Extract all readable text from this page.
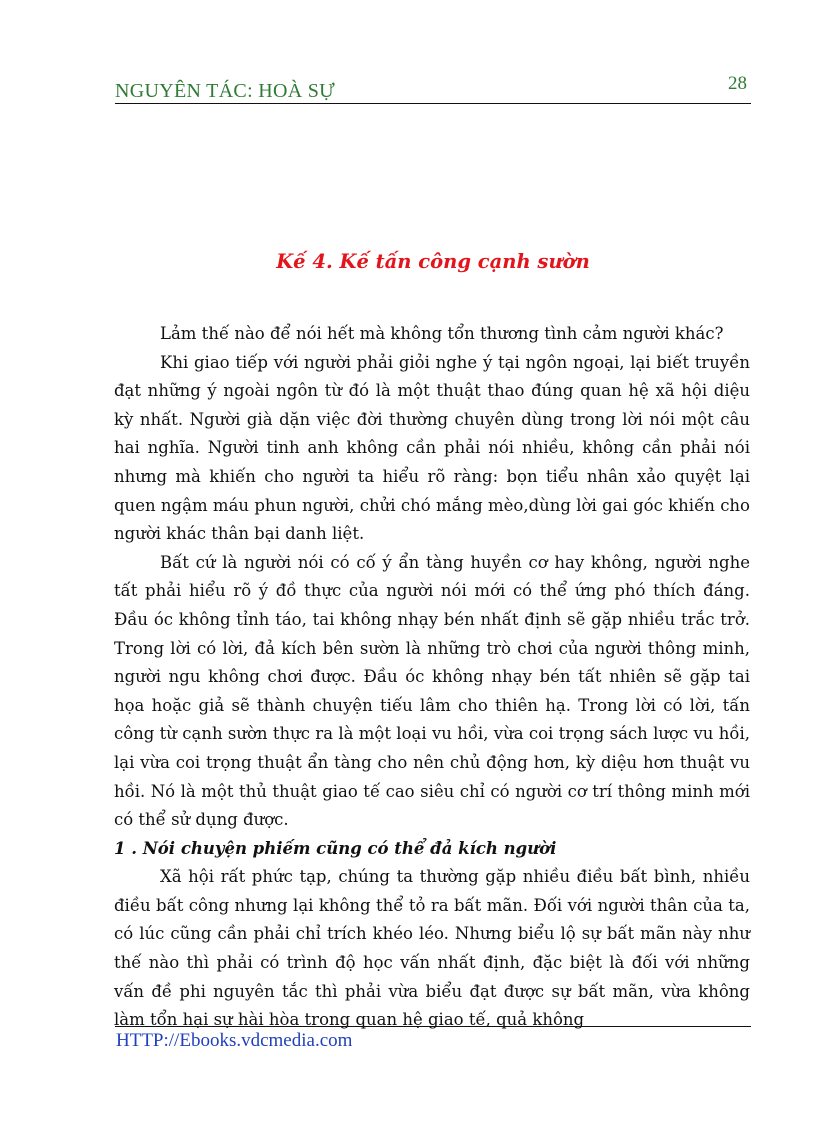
NGUYÊN TÁC: HOÀ SỰ	28
Kế 4. Kế tấn công cạnh sườn

Lảm thế nào để nói hết mà không tổn thương tình cảm người khác?

Khi giao tiếp với người phải giỏi nghe ý tại ngôn ngoại, lại biết truyền đạt những ý ngoài ngôn từ đó là một thuật thao đúng quan hệ xã hội diệu kỳ nhất. Người già dặn việc đời thường chuyên dùng trong lời nói một câu hai nghĩa. Người tinh anh không cần phải nói nhiều, không cần phải nói nhưng mà khiến cho người ta hiểu rõ ràng: bọn tiểu nhân xảo quyệt lại quen ngậm máu phun người, chửi chó mắng mèo,dùng lời gai góc khiến cho người khác thân bại danh liệt.

Bất cứ là người nói có cố ý ẩn tàng huyền cơ hay không, người nghe tất phải hiểu rõ ý đồ thực của người nói mới có thể ứng phó thích đáng. Đầu óc không tỉnh táo, tai không nhạy bén nhất định sẽ gặp nhiều trắc trở. Trong lời có lời, đả kích bên sườn là những trò chơi của người thông minh, người ngu không chơi được. Đầu óc không nhạy bén tất nhiên sẽ gặp tai họa hoặc giả sẽ thành chuyện tiếu lâm cho thiên hạ. Trong lời có lời, tấn công từ cạnh sườn thực ra là một loại vu hồi, vừa coi trọng sách lược vu hồi, lại vừa coi trọng thuật ẩn tàng cho nên chủ động hơn, kỳ diệu hơn thuật vu hồi. Nó là một thủ thuật giao tế cao siêu chỉ có người cơ trí thông minh mới có thể sử dụng được.

1 . Nói chuyện phiếm cũng có thể đả kích người

Xã hội rất phức tạp, chúng ta thường gặp nhiều điều bất bình, nhiều điều bất công nhưng lại không thể tỏ ra bất mãn. Đối với người thân của ta, có lúc cũng cần phải chỉ trích khéo léo. Nhưng biểu lộ sự bất mãn này như thế nào thì phải có trình độ học vấn nhất định, đặc biệt là đối với những vấn đề phi nguyên tắc thì phải vừa biểu đạt được sự bất mãn, vừa không làm tổn hại sự hài hòa trong quan hệ giao tế, quả không

HTTP://Ebooks.vdcmedia.com
